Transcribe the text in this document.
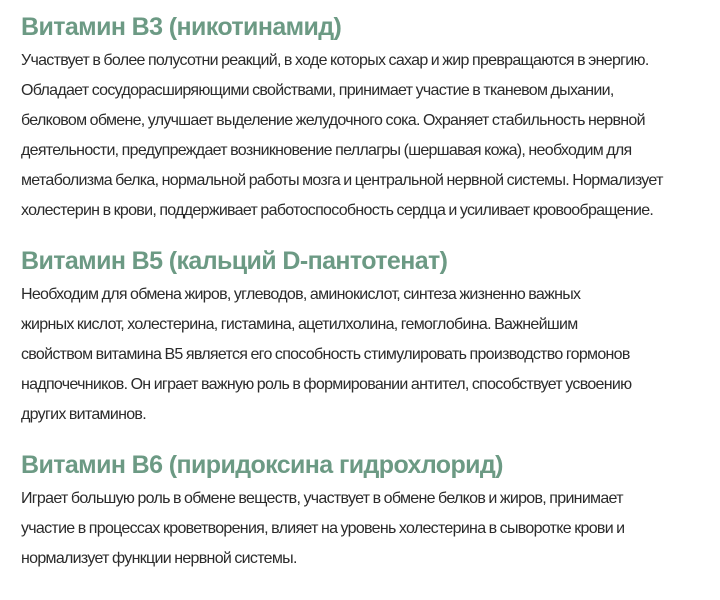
Витамин В3 (никотинамид)

Участвует в более полусотни реакций, в ходе которых сахар и жир превращаются в энергию.
Обладает сосудорасширяющими свойствами, принимает участие в тканевом дыхании,
белковом обмене, улучшает выделение желудочного сока. Охраняет стабильность нервной
деятельности, предупреждает возникновение пеллагры (шершавая кожа), необходим для
метаболизма белка, нормальной работы мозга и центральной нервной системы. Нормализует
холестерин в крови, поддерживает работоспособность сердца и усиливает кровообращение.

Витамин В5 (кальций D-пантотенат)

Необходим для обмена жиров, углеводов, аминокислот, синтеза жизненно важных
жирных кислот, холестерина, гистамина, ацетилхолина, гемоглобина. Важнейшим
свойством витамина В5 является его способность стимулировать производство гормонов
надпочечников. Он играет важную роль в формировании антител, способствует усвоению
других витаминов.

Витамин В6 (пиридоксина гидрохлорид)

Играет большую роль в обмене веществ, участвует в обмене белков и жиров, принимает
участие в процессах кроветворения, влияет на уровень холестерина в сыворотке крови и
нормализует функции нервной системы.
